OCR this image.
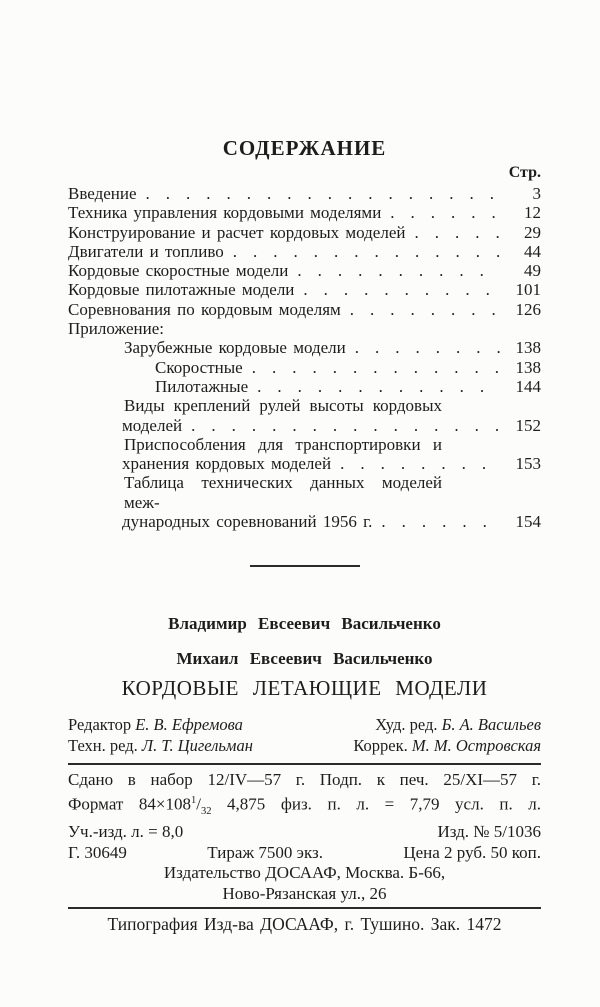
СОДЕРЖАНИЕ
Стр.
Введение .....	3
Техника управления кордовыми моделями .....	12
Конструирование и расчет кордовых моделей .....	29
Двигатели и топливо .....	44
Кордовые скоростные модели .....	49
Кордовые пилотажные модели .....	101
Соревнования по кордовым моделям .....	126
Приложение:
Зарубежные кордовые модели .....	138
Скоростные .....	138
Пилотажные .....	144
Виды креплений рулей высоты кордовых
моделей .....	152
Приспособления для транспортировки и
хранения кордовых моделей .....	153
Таблица технических данных моделей меж-
дународных соревнований 1956 г. .....	154
Владимир Евсеевич Васильченко
Михаил Евсеевич Васильченко
КОРДОВЫЕ ЛЕТАЮЩИЕ МОДЕЛИ
Редактор Е. В. Ефремова	Худ. ред. Б. А. Васильев
Техн. ред. Л. Т. Цигельман	Коррек. М. М. Островская
Сдано в набор 12/IV—57 г. Подп. к печ. 25/XI—57 г.
Формат $84\times 108^1/_{32}$ 4,875 физ. п. л. = 7,79 усл. п. л.
Уч.-изд. л. = 8,0	Изд. № 5/1036
Г. 30649	Тираж 7500 экз.	Цена 2 руб. 50 коп.
Издательство ДОСААФ, Москва. Б-66,
Ново-Рязанская ул., 26
Типография Изд-ва ДОСААФ, г. Тушино. Зак. 1472
